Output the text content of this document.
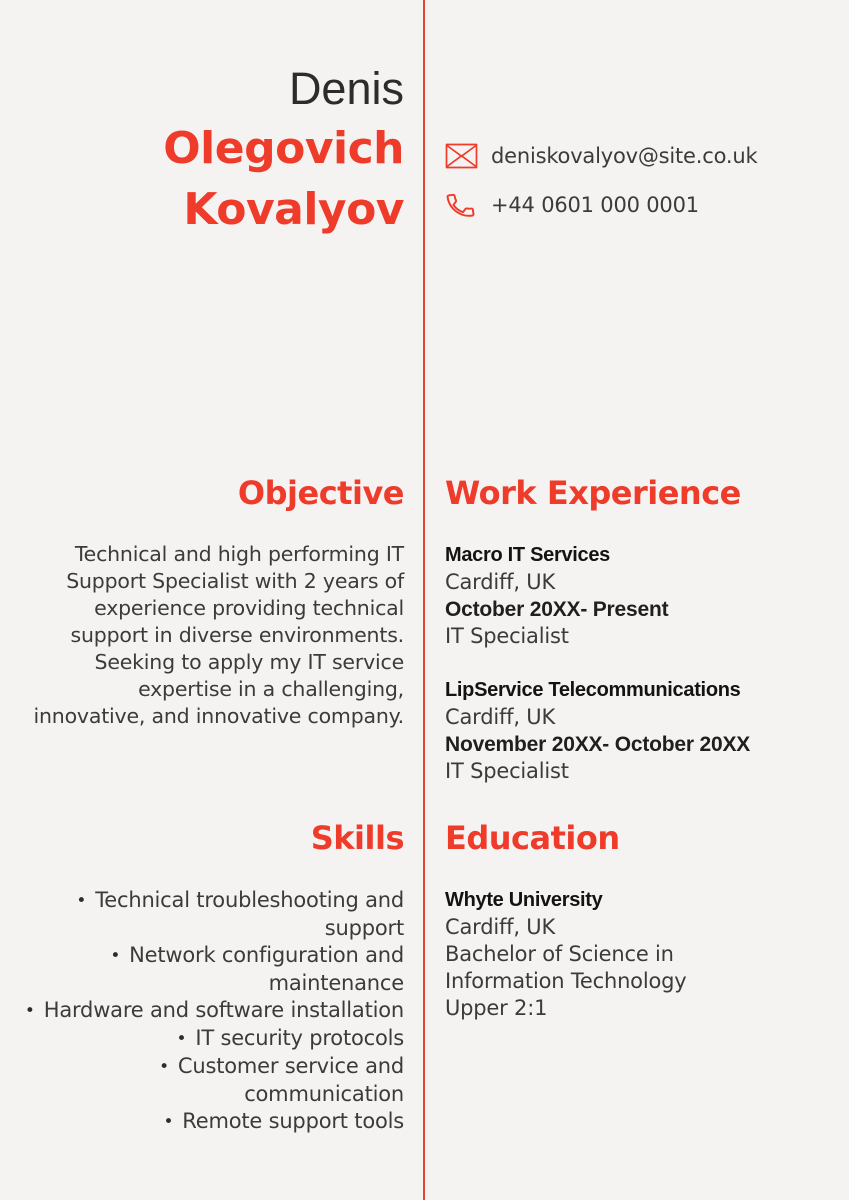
Denis
Olegovich
Kovalyov
deniskovalyov@site.co.uk
+44 0601 000 0001
Objective
Technical and high performing IT Support Specialist with 2 years of experience providing technical support in diverse environments. Seeking to apply my IT service expertise in a challenging, innovative, and innovative company.
Work Experience
Macro IT Services
Cardiff, UK
October 20XX- Present
IT Specialist
LipService Telecommunications
Cardiff, UK
November 20XX- October 20XX
IT Specialist
Skills
• Technical troubleshooting and support
• Network configuration and maintenance
• Hardware and software installation
• IT security protocols
• Customer service and communication
• Remote support tools
Education
Whyte University
Cardiff, UK
Bachelor of Science in Information Technology
Upper 2:1
